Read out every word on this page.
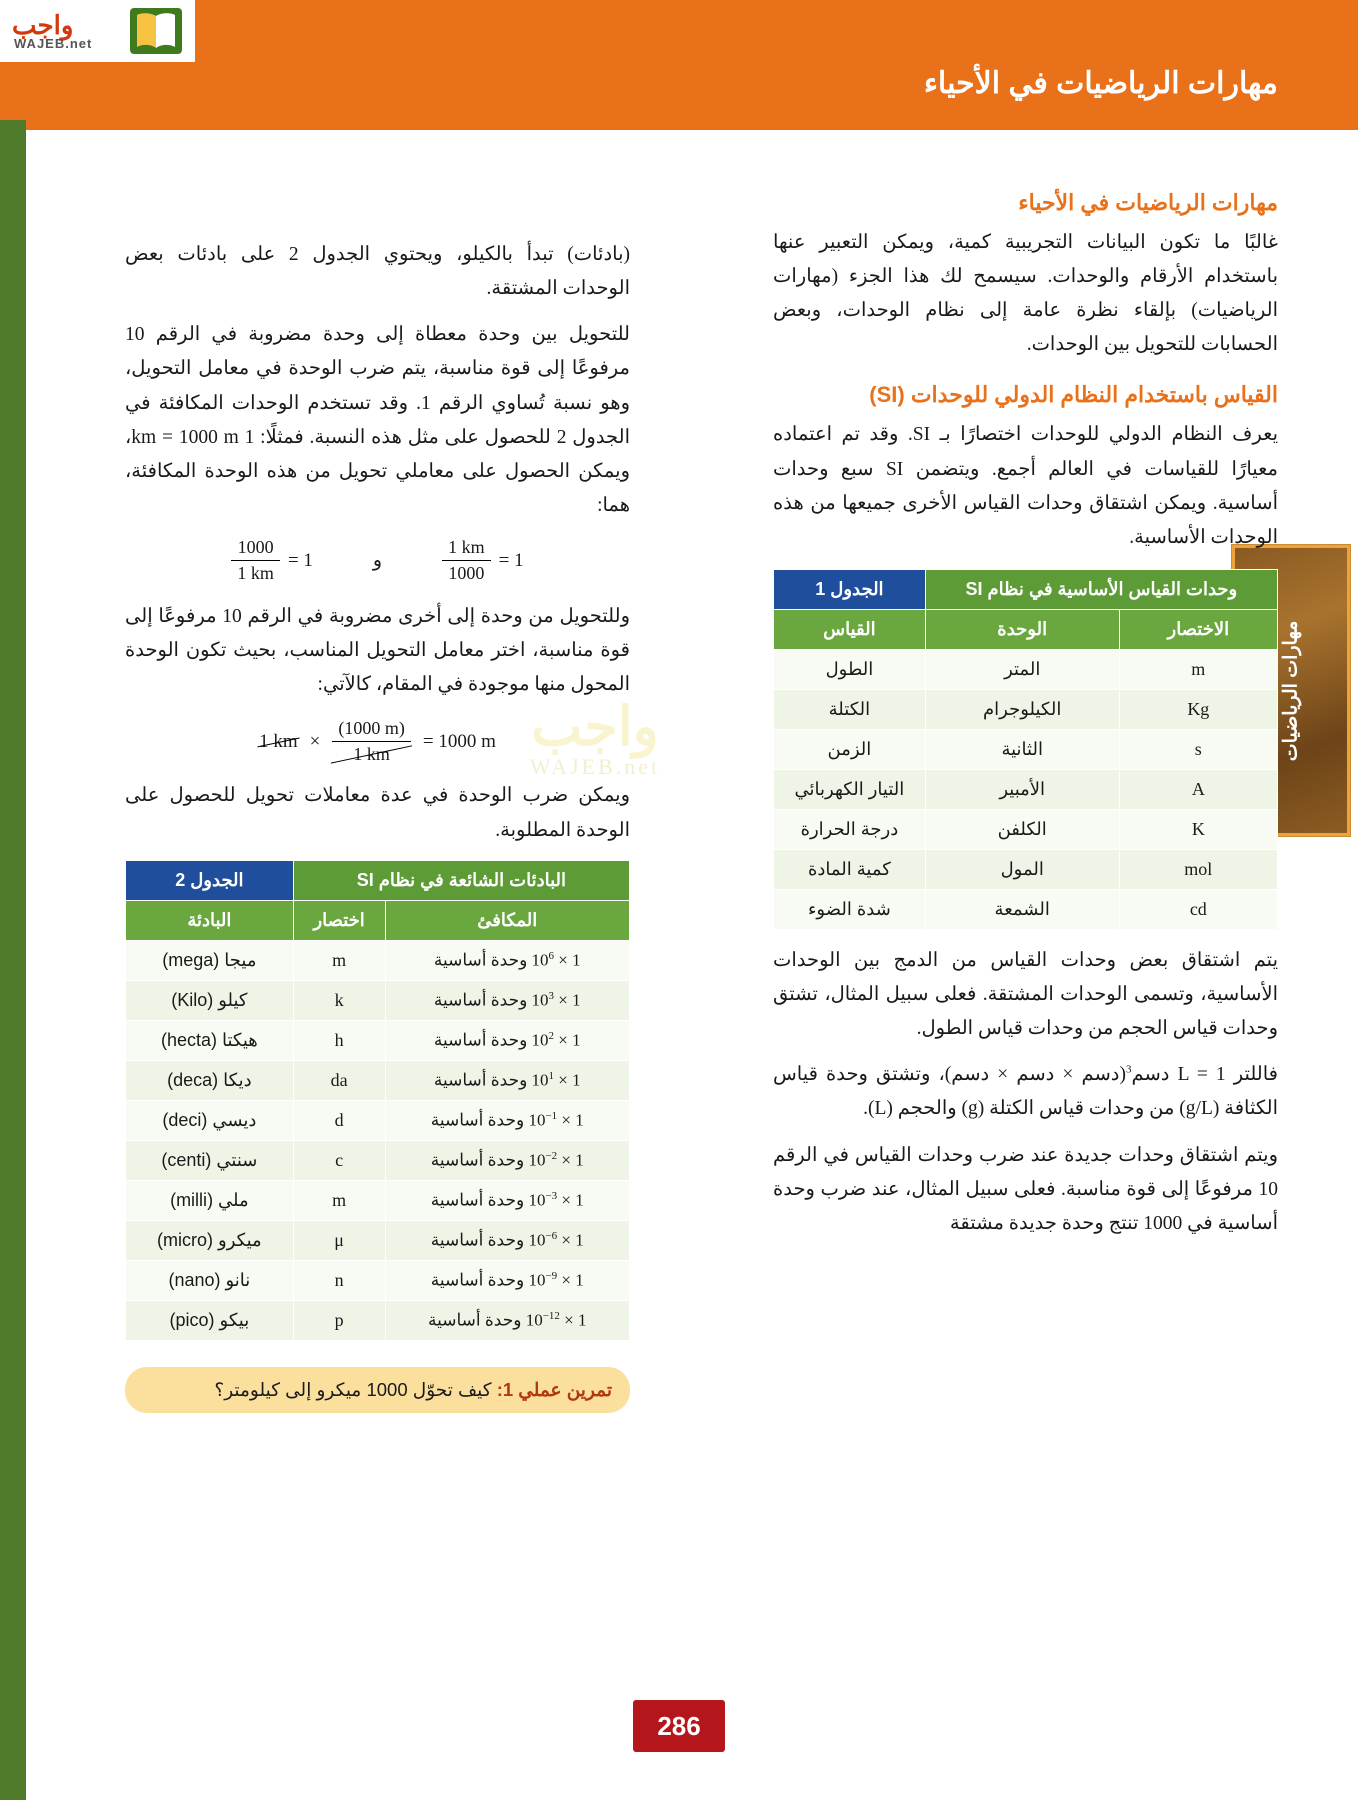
مهارات الرياضيات في الأحياء
واجب
WAJEB.net
مهارات الرياضيات
واجب
WAJEB.net
مهارات الرياضيات في الأحياء

غالبًا ما تكون البيانات التجريبية كمية، ويمكن التعبير عنها باستخدام الأرقام والوحدات. سيسمح لك هذا الجزء (مهارات الرياضيات) بإلقاء نظرة عامة إلى نظام الوحدات، وبعض الحسابات للتحويل بين الوحدات.

القياس باستخدام النظام الدولي للوحدات (SI)

يعرف النظام الدولي للوحدات اختصارًا بـ SI. وقد تم اعتماده معيارًا للقياسات في العالم أجمع. ويتضمن SI سبع وحدات أساسية. ويمكن اشتقاق وحدات القياس الأخرى جميعها من هذه الوحدات الأساسية.

وحدات القياس الأساسية في نظام SI		الجدول 1
الاختصار	الوحدة	القياس
m	المتر	الطول
Kg	الكيلوجرام	الكتلة
s	الثانية	الزمن
A	الأمبير	التيار الكهربائي
K	الكلفن	درجة الحرارة
mol	المول	كمية المادة
cd	الشمعة	شدة الضوء

يتم اشتقاق بعض وحدات القياس من الدمج بين الوحدات الأساسية، وتسمى الوحدات المشتقة. فعلى سبيل المثال، تشتق وحدات قياس الحجم من وحدات قياس الطول.

فاللتر L = 1 دسم$^3$(دسم × دسم × دسم)، وتشتق وحدة قياس الكثافة (g/L) من وحدات قياس الكتلة (g) والحجم (L).

ويتم اشتقاق وحدات جديدة عند ضرب وحدات القياس في الرقم 10 مرفوعًا إلى قوة مناسبة. فعلى سبيل المثال، عند ضرب وحدة أساسية في 1000 تنتج وحدة جديدة مشتقة

(بادئات) تبدأ بالكيلو، ويحتوي الجدول 2 على بادئات بعض الوحدات المشتقة.

للتحويل بين وحدة معطاة إلى وحدة مضروبة في الرقم 10 مرفوعًا إلى قوة مناسبة، يتم ضرب الوحدة في معامل التحويل، وهو نسبة تُساوي الرقم 1. وقد تستخدم الوحدات المكافئة في الجدول 2 للحصول على مثل هذه النسبة. فمثلًا: 1 km = 1000 m، ويمكن الحصول على معاملي تحويل من هذه الوحدة المكافئة، هما:

$\frac{1000}{1 km} = 1$	و	$\frac{1 km}{1000} = 1$

وللتحويل من وحدة إلى أخرى مضروبة في الرقم 10 مرفوعًا إلى قوة مناسبة، اختر معامل التحويل المناسب، بحيث تكون الوحدة المحول منها موجودة في المقام، كالآتي:

1 km × $\frac{(1000 m)}{1 km} = 1000$ m

ويمكن ضرب الوحدة في عدة معاملات تحويل للحصول على الوحدة المطلوبة.

البادئات الشائعة في نظام SI		الجدول 2
المكافئ	اختصار	البادئة
$1 \times 10^6$ وحدة أساسية	m	ميجا (mega)
$1 \times 10^3$ وحدة أساسية	k	كيلو (Kilo)
$1 \times 10^2$ وحدة أساسية	h	هيكتا (hecta)
$1 \times 10^1$ وحدة أساسية	da	ديكا (deca)
$1 \times 10^{-1}$ وحدة أساسية	d	ديسي (deci)
$1 \times 10^{-2}$ وحدة أساسية	c	سنتي (centi)
$1 \times 10^{-3}$ وحدة أساسية	m	ملي (milli)
$1 \times 10^{-6}$ وحدة أساسية	μ	ميكرو (micro)
$1 \times 10^{-9}$ وحدة أساسية	n	نانو (nano)
$1 \times 10^{-12}$ وحدة أساسية	p	بيكو (pico)
تمرين عملي 1: كيف تحوّل 1000 ميكرو إلى كيلومتر؟
286
